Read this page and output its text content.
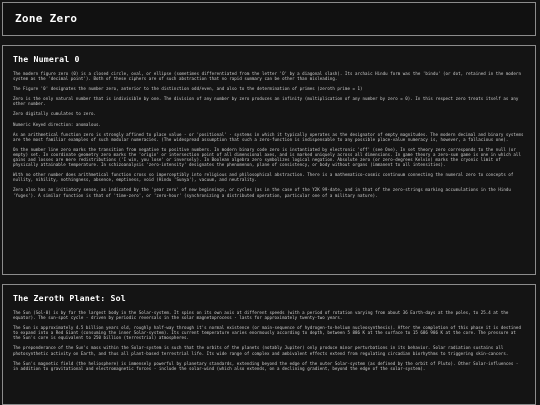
Zone Zero
The Numeral 0

The modern figure zero (0) is a closed circle, oval, or ellipse (sometimes differentiated from the letter 'O' by a diagonal slash). Its archaic Hindu form was the 'bindu' (or dot, retained in the modern system as the 'decimal point'). Both of these ciphers are of such abstraction that no rapid summary can be other than misleading.

The Figure '0' designates the number zero, anterior to the distinction odd/even, and also to the determination of primes (zeroth prime = 1)

Zero is the only natural number that is indivisible by one. The division of any number by zero produces an infinity (multiplication of any number by zero = 0). In this respect zero treats itself as any other number.

Zero digitally cumulates to zero.

Numeric Keyed direction: anomalous.

As an arithmetical function zero is strongly affined to place value - or 'positional' - systems in which it typically operates as the designator of empty magnitudes. The modern decimal and binary systems are the most familiar examples of such modular numeracies. (The widespread assumption that such a zero-function is indispensable to any possible place-value numeracy is, however, a fallacious one).

On the number line zero marks the transition from negative to positive numbers. In modern binary code zero is instantiated by electronic 'off' (see One). In set theory zero corresponds to the null (or empty) set. In coordinate geometry zero marks the 'origin' or intersection point of all dimensional axes, and is marked uniquely across all dimensions. In game theory a zero-sum game is one in which all gains and losses are mere redistributions ('I win, you lose' or inversely). In Boolean algebra zero symbolizes logical negation. Absolute zero (or zero-degrees Kelvin) marks the cryonic limit of physically attainable temperature. In schizoanalysis 'zero-intensity' designates the phenomenon, plane of consistency, or body without organs (immanent to all intensities).

With no other number does arithmetical function cross so imperceptibly into religious and philosophical abstraction. There is a mathematico-cosmic continuum connecting the numeral zero to concepts of nullity, nihility, nothingness, absence, emptiness, void (Hindu 'Sunya'), vacuum, and neutrality.

Zero also has an initiatory sense, as indicated by the 'year zero' of new beginnings, or cycles (as in the case of the Y2K 99-date, and in that of the zero-strings marking accumulations in the Hindu 'Yuges'). A similar function is that of 'time-zero', or 'zero-hour' (synchronizing a distributed operation, particular one of a military nature).

The Zeroth Planet: Sol

The Sun (Sol-0) is by far the largest body in the Solar-system. It spins on its own axis at different speeds (with a period of rotation varying from about 36 Earth-days at the poles, to 25.4 at the equator). The sun-spot cycle - driven by periodic reversals in the solar magnetoprocess - lasts for approximately twenty-two years.

The Sun is approximately 4.5 billion years old, roughly half-way through it's normal existence (or main-sequence of hydrogen-to-helium nucleosynthesis). After the completion of this phase it is destined to expand into a Red Giant (consuming the inner Solar-system). Its current temperature varies enormously according to depth, between 5 886 K at the surface to 15 686 986 K at the core. The pressure at the Sun's core is equivalent to 250 billion (terrestrial) atmospheres.

The preponderance of the Sun's mass within the Solar-system is such that the orbits of the planets (notably Jupiter) only produce minor perturbations in its behavior. Solar radiation sustains all photosynthetic activity on Earth, and thus all plant-based terrestrial life. Its wide range of complex and ambivalent effects extend from regulating circadian biorhythms to triggering skin-cancers.

The Sun's magnetic field (the heliosphere) is immensely powerful by planetary standards, extending beyond the edge of the outer Solar-system (as defined by the orbit of Pluto). Other Solar-influences - in addition to gravitational and electromagnetic forces - include the solar-wind (which also extends, on a declining gradient, beyond the edge of the solar-system).
